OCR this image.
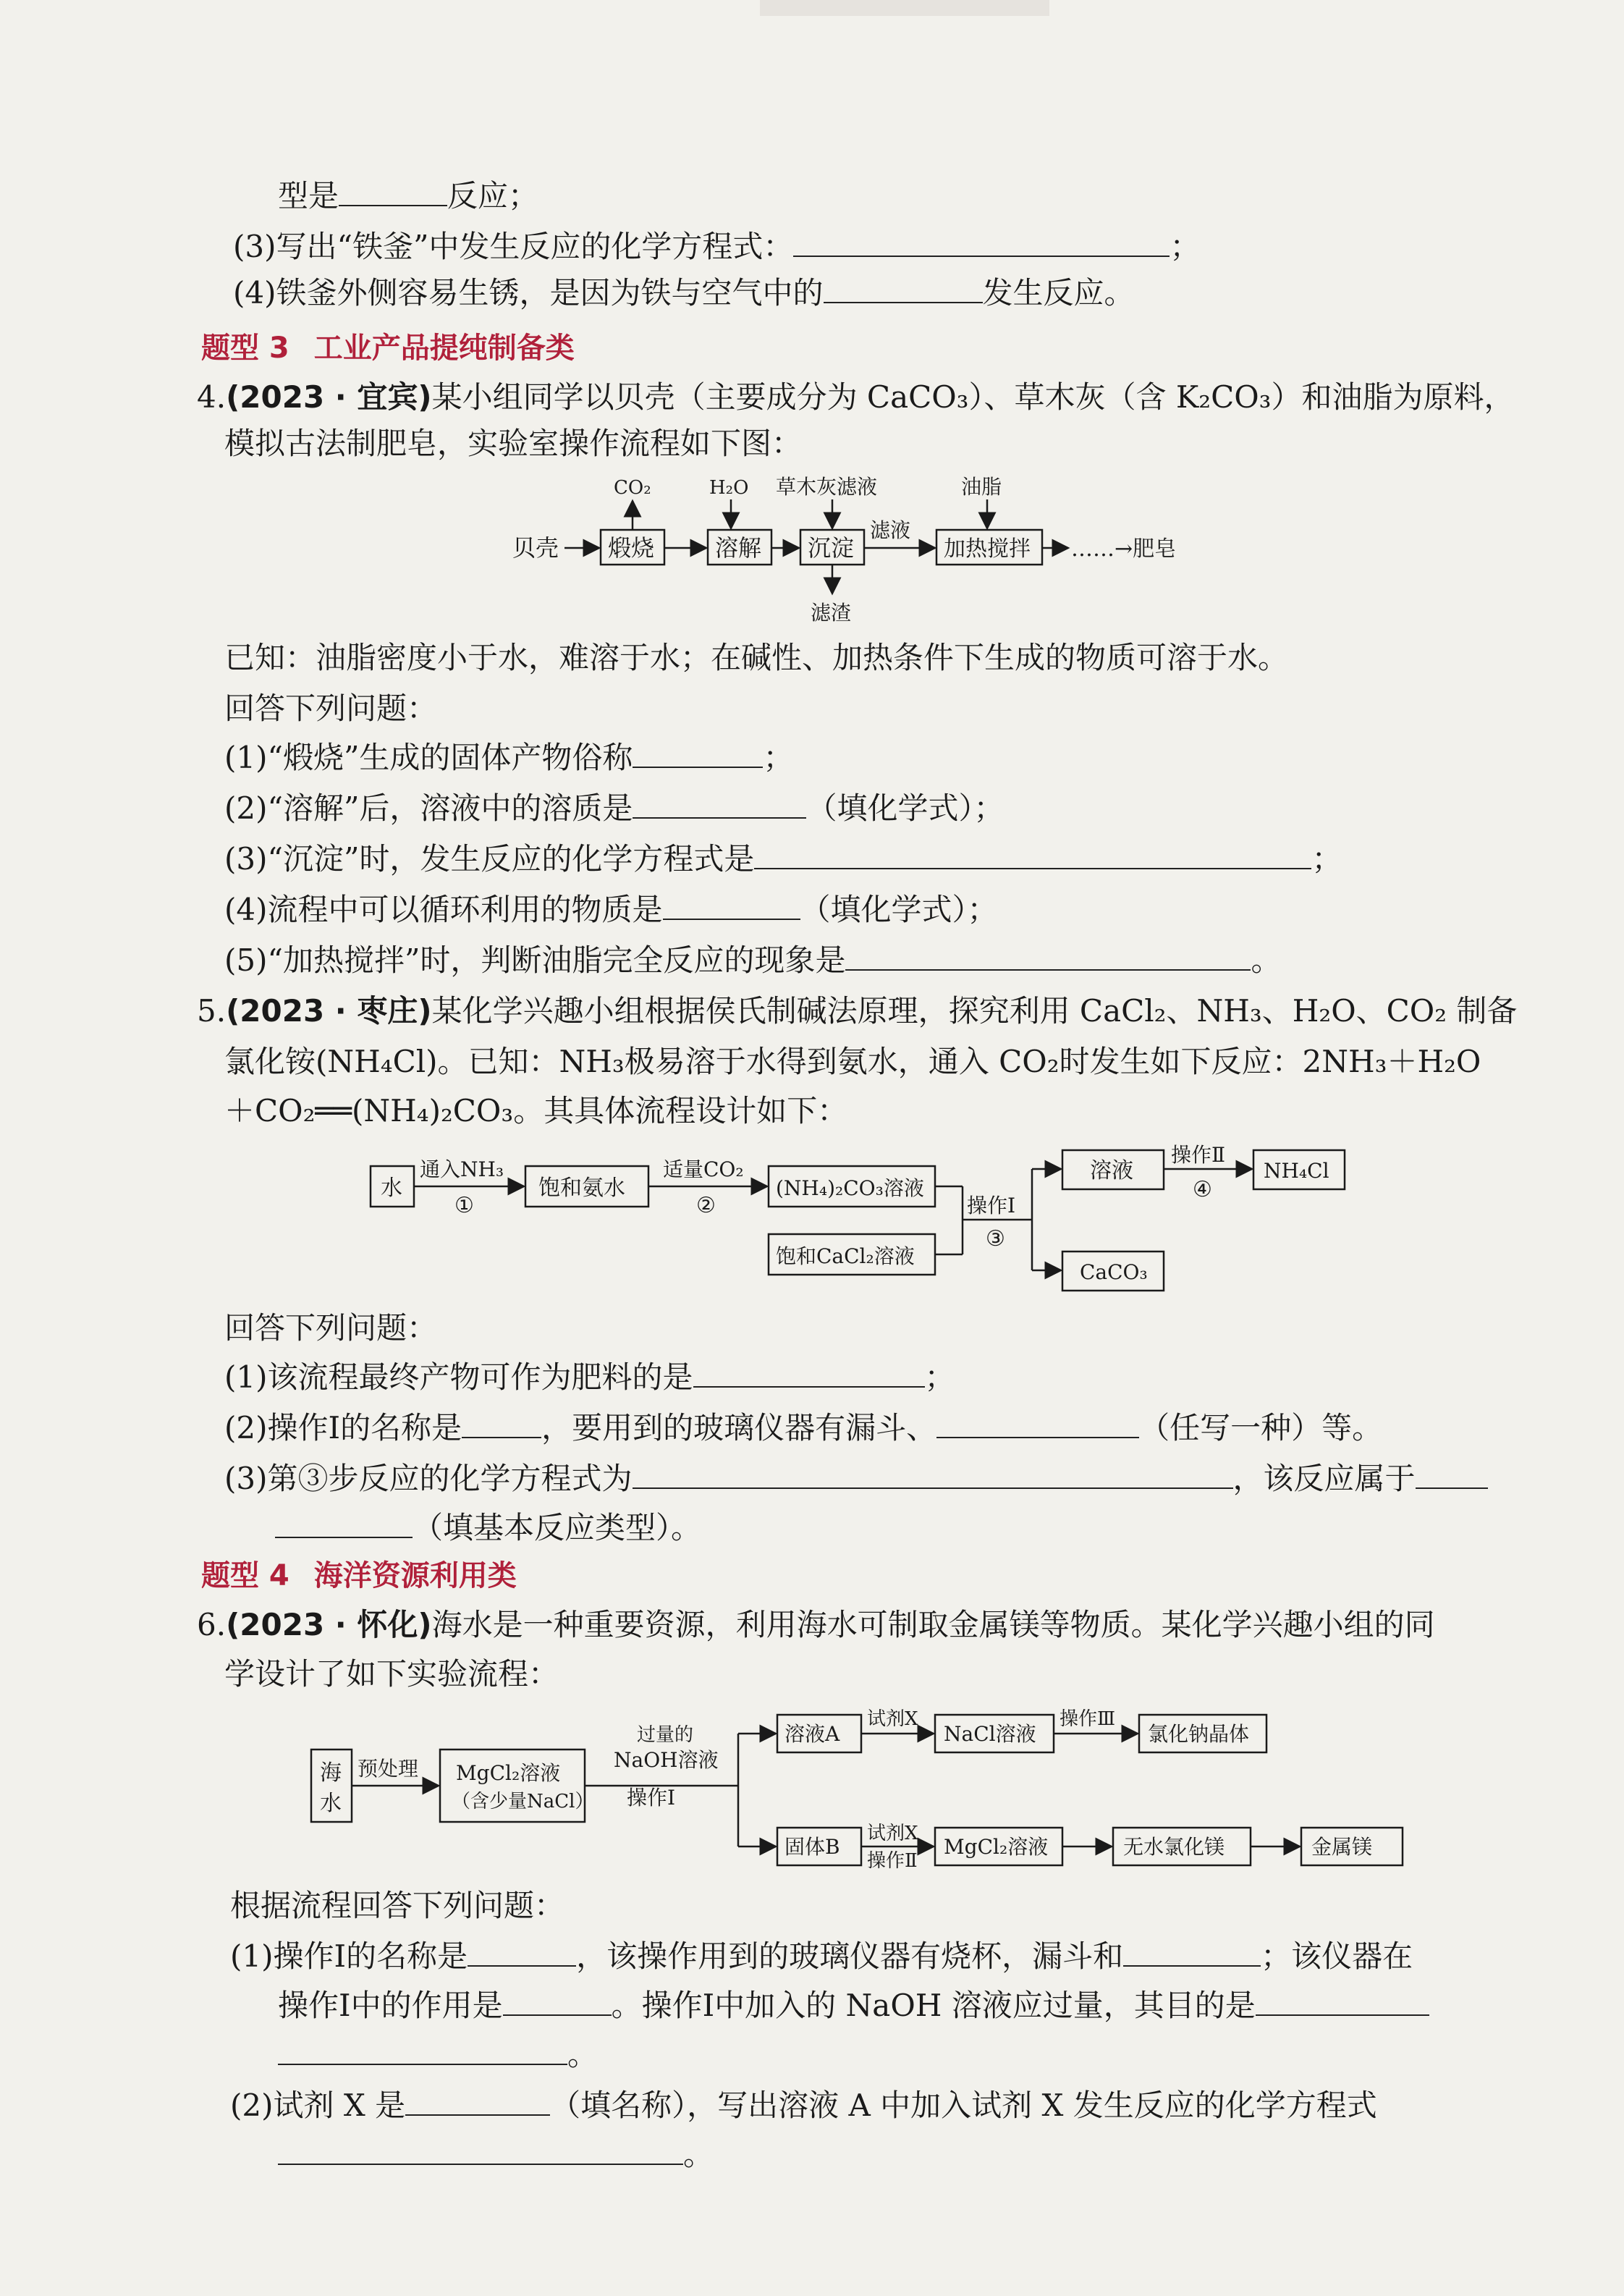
型是	反应；
(3)写出“铁釜”中发生反应的化学方程式：	；
(4)铁釜外侧容易生锈，是因为铁与空气中的	发生反应。
题型 3 工业产品提纯制备类
4.(2023 · 宜宾)某小组同学以贝壳（主要成分为 CaCO₃）、草木灰（含 K₂CO₃）和油脂为原料，
模拟古法制肥皂，实验室操作流程如下图：
贝壳 煅烧
CO₂
溶解
H₂O
沉淀
草木灰滤液
滤渣
滤液
加热搅拌
油脂
……→肥皂
已知：油脂密度小于水，难溶于水；在碱性、加热条件下生成的物质可溶于水。
回答下列问题：
(1)“煅烧”生成的固体产物俗称	；
(2)“溶解”后，溶液中的溶质是	（填化学式）；
(3)“沉淀”时，发生反应的化学方程式是	；
(4)流程中可以循环利用的物质是	（填化学式）；
(5)“加热搅拌”时，判断油脂完全反应的现象是	。
5.(2023 · 枣庄)某化学兴趣小组根据侯氏制碱法原理，探究利用 CaCl₂、NH₃、H₂O、CO₂ 制备
氯化铵(NH₄Cl)。已知：NH₃极易溶于水得到氨水，通入 CO₂时发生如下反应：2NH₃＋H₂O
＋CO₂══(NH₄)₂CO₃。其具体流程设计如下：
水
通入NH₃
①
饱和氨水
适量CO₂
②
(NH₄)₂CO₃溶液
饱和CaCl₂溶液
操作Ⅰ
③
溶液
CaCO₃
操作Ⅱ
④
NH₄Cl
回答下列问题：
(1)该流程最终产物可作为肥料的是	；
(2)操作Ⅰ的名称是	，要用到的玻璃仪器有漏斗、	（任写一种）等。
(3)第③步反应的化学方程式为	，该反应属于
（填基本反应类型）。
题型 4 海洋资源利用类
6.(2023 · 怀化)海水是一种重要资源，利用海水可制取金属镁等物质。某化学兴趣小组的同
学设计了如下实验流程：
海
水
预处理 MgCl₂溶液
（含少量NaCl）
过量的
NaOH溶液
操作Ⅰ
溶液A
固体B
试剂X
NaCl溶液
操作Ⅲ
氯化钠晶体
试剂X
操作Ⅱ
MgCl₂溶液	无水氯化镁	金属镁
根据流程回答下列问题：
(1)操作Ⅰ的名称是	，该操作用到的玻璃仪器有烧杯，漏斗和	；该仪器在
操作Ⅰ中的作用是	。操作Ⅰ中加入的 NaOH 溶液应过量，其目的是
。
(2)试剂 X 是	（填名称），写出溶液 A 中加入试剂 X 发生反应的化学方程式
。
